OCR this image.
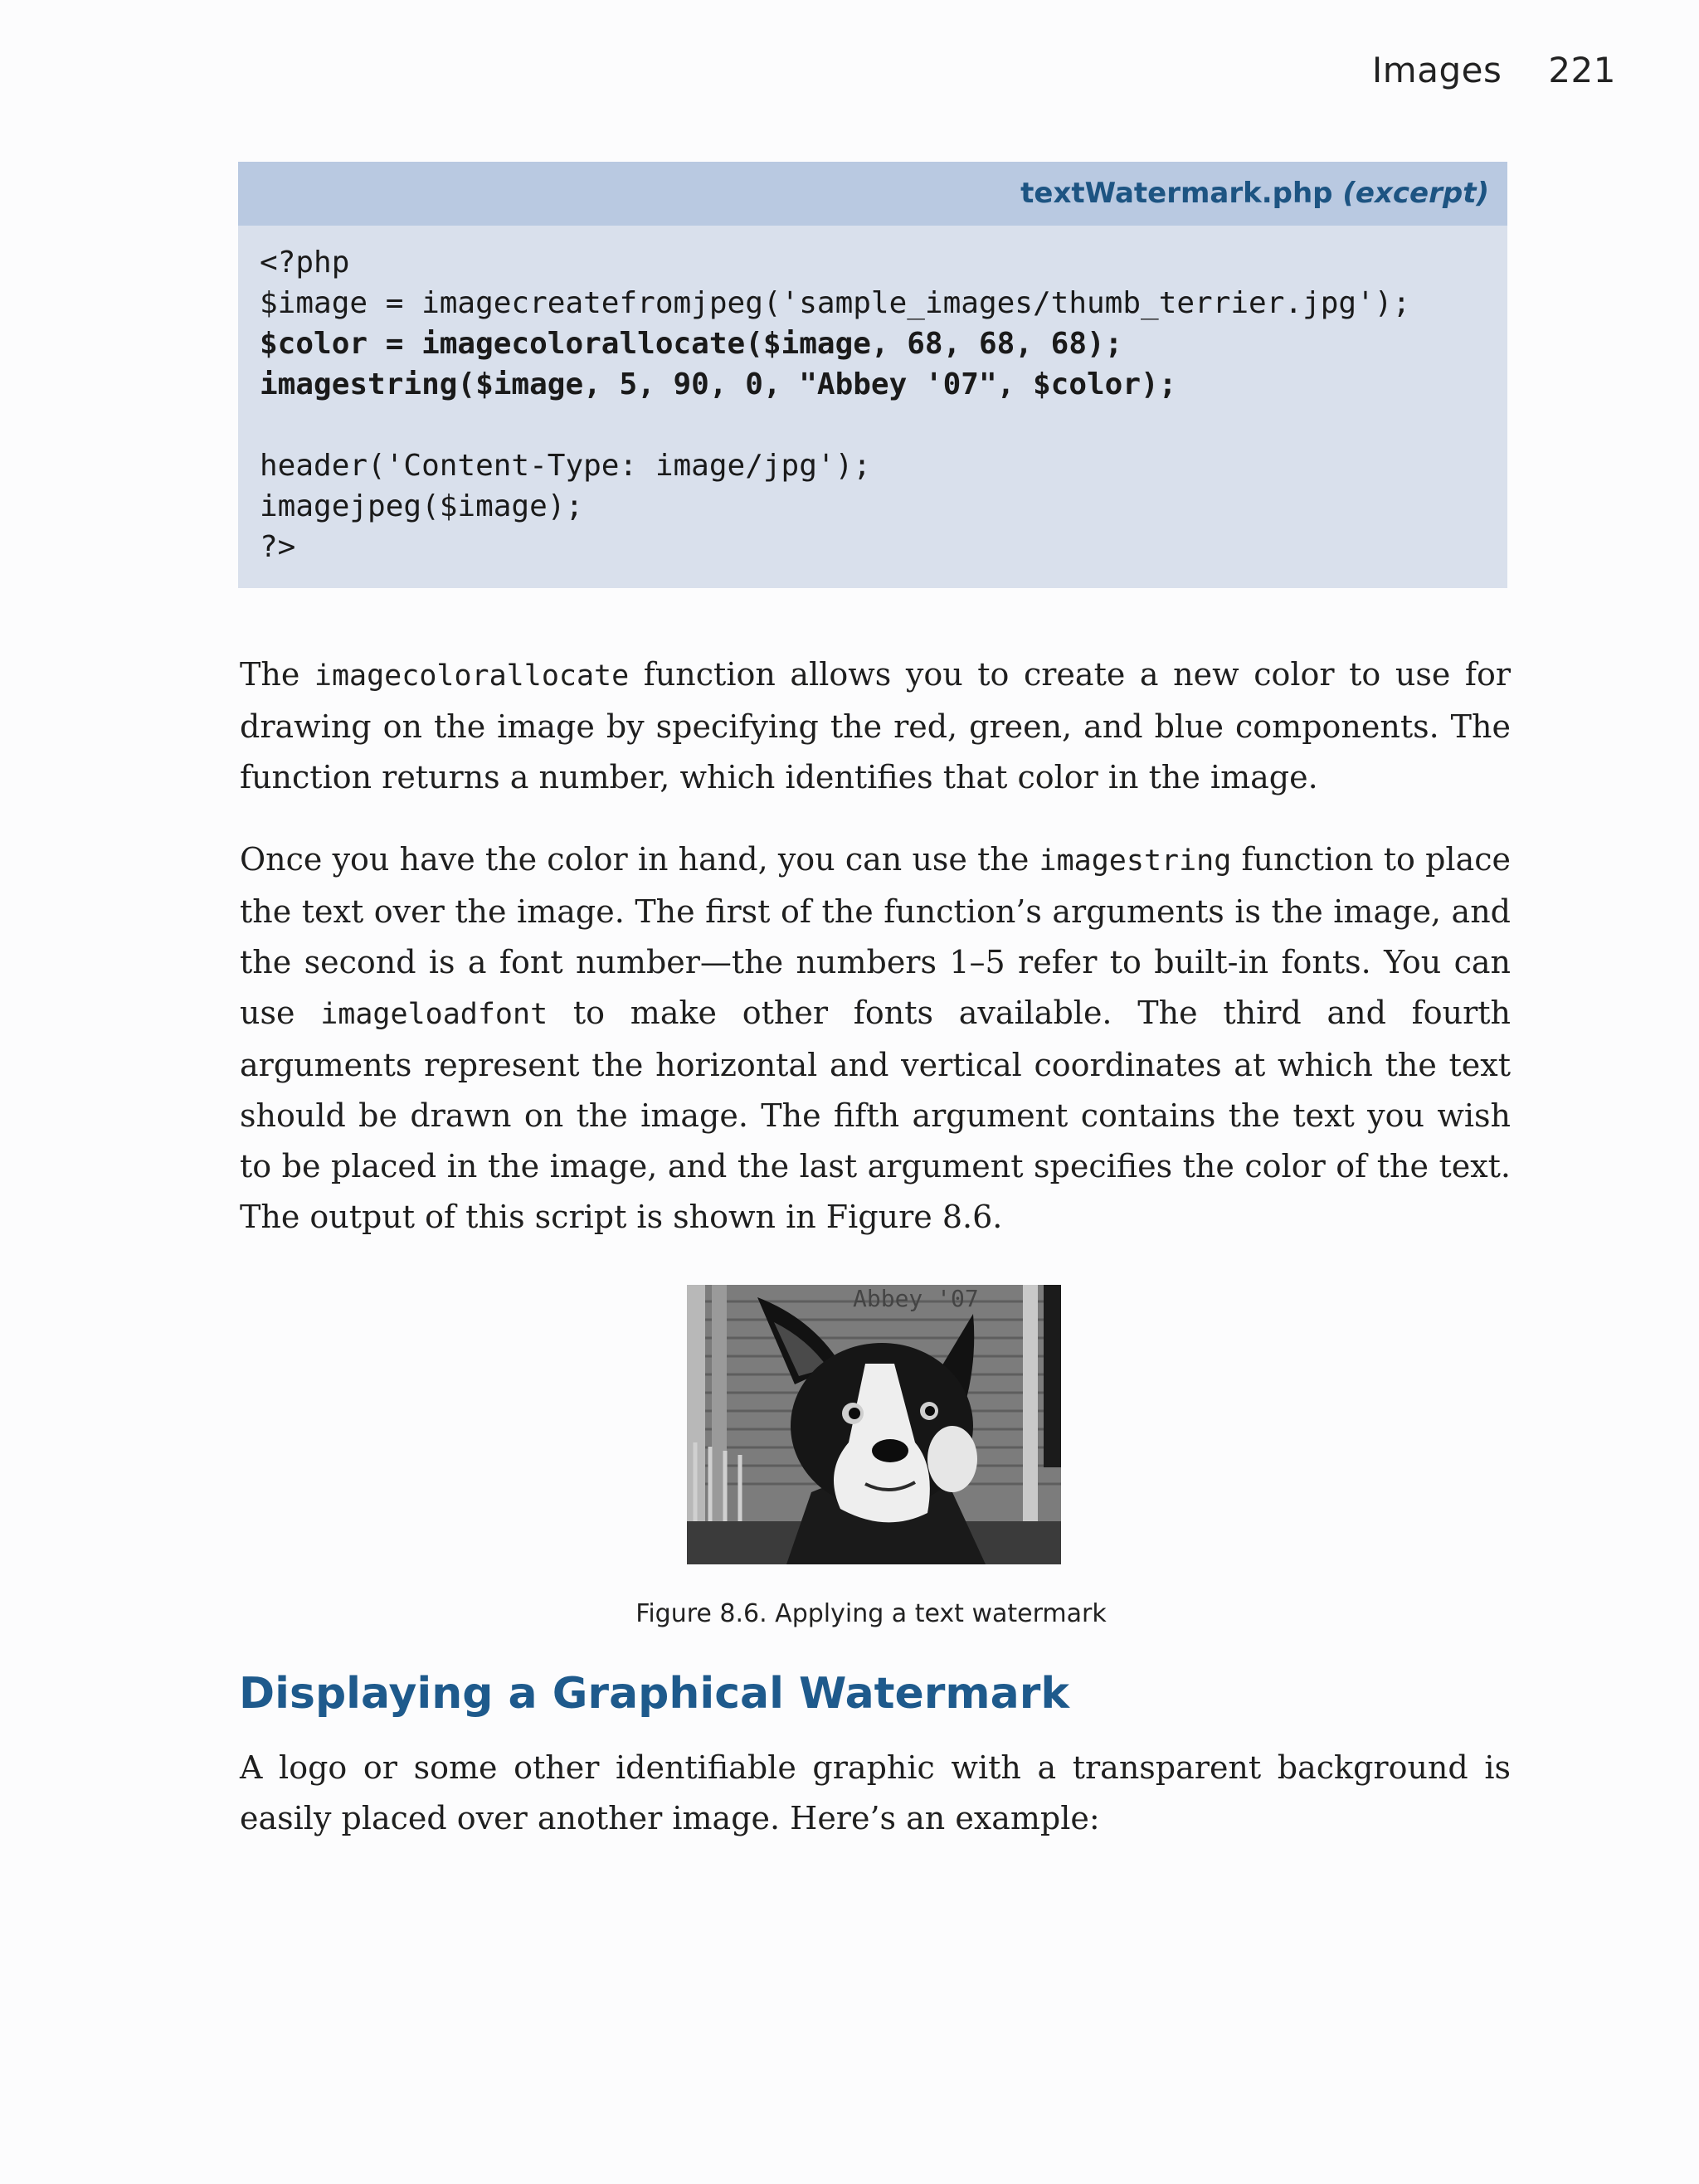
Images 221
textWatermark.php (excerpt)
<?php
$image = imagecreatefromjpeg('sample_images/thumb_terrier.jpg');
$color = imagecolorallocate($image, 68, 68, 68);
imagestring($image, 5, 90, 0, "Abbey '07", $color);
header('Content-Type: image/jpg');
imagejpeg($image);
?>

The imagecolorallocate function allows you to create a new color to use for drawing on the image by specifying the red, green, and blue components. The function returns a number, which identifies that color in the image.

Once you have the color in hand, you can use the imagestring function to place the text over the image. The first of the function’s arguments is the image, and the second is a font number—the numbers 1–5 refer to built-in fonts. You can use imageloadfont to make other fonts available. The third and fourth arguments represent the horizontal and vertical coordinates at which the text should be drawn on the image. The fifth argument contains the text you wish to be placed in the image, and the last argument specifies the color of the text. The output of this script is shown in Figure 8.6.

Abbey '07
Figure 8.6. Applying a text watermark
Displaying a Graphical Watermark

A logo or some other identifiable graphic with a transparent background is easily placed over another image. Here’s an example:
